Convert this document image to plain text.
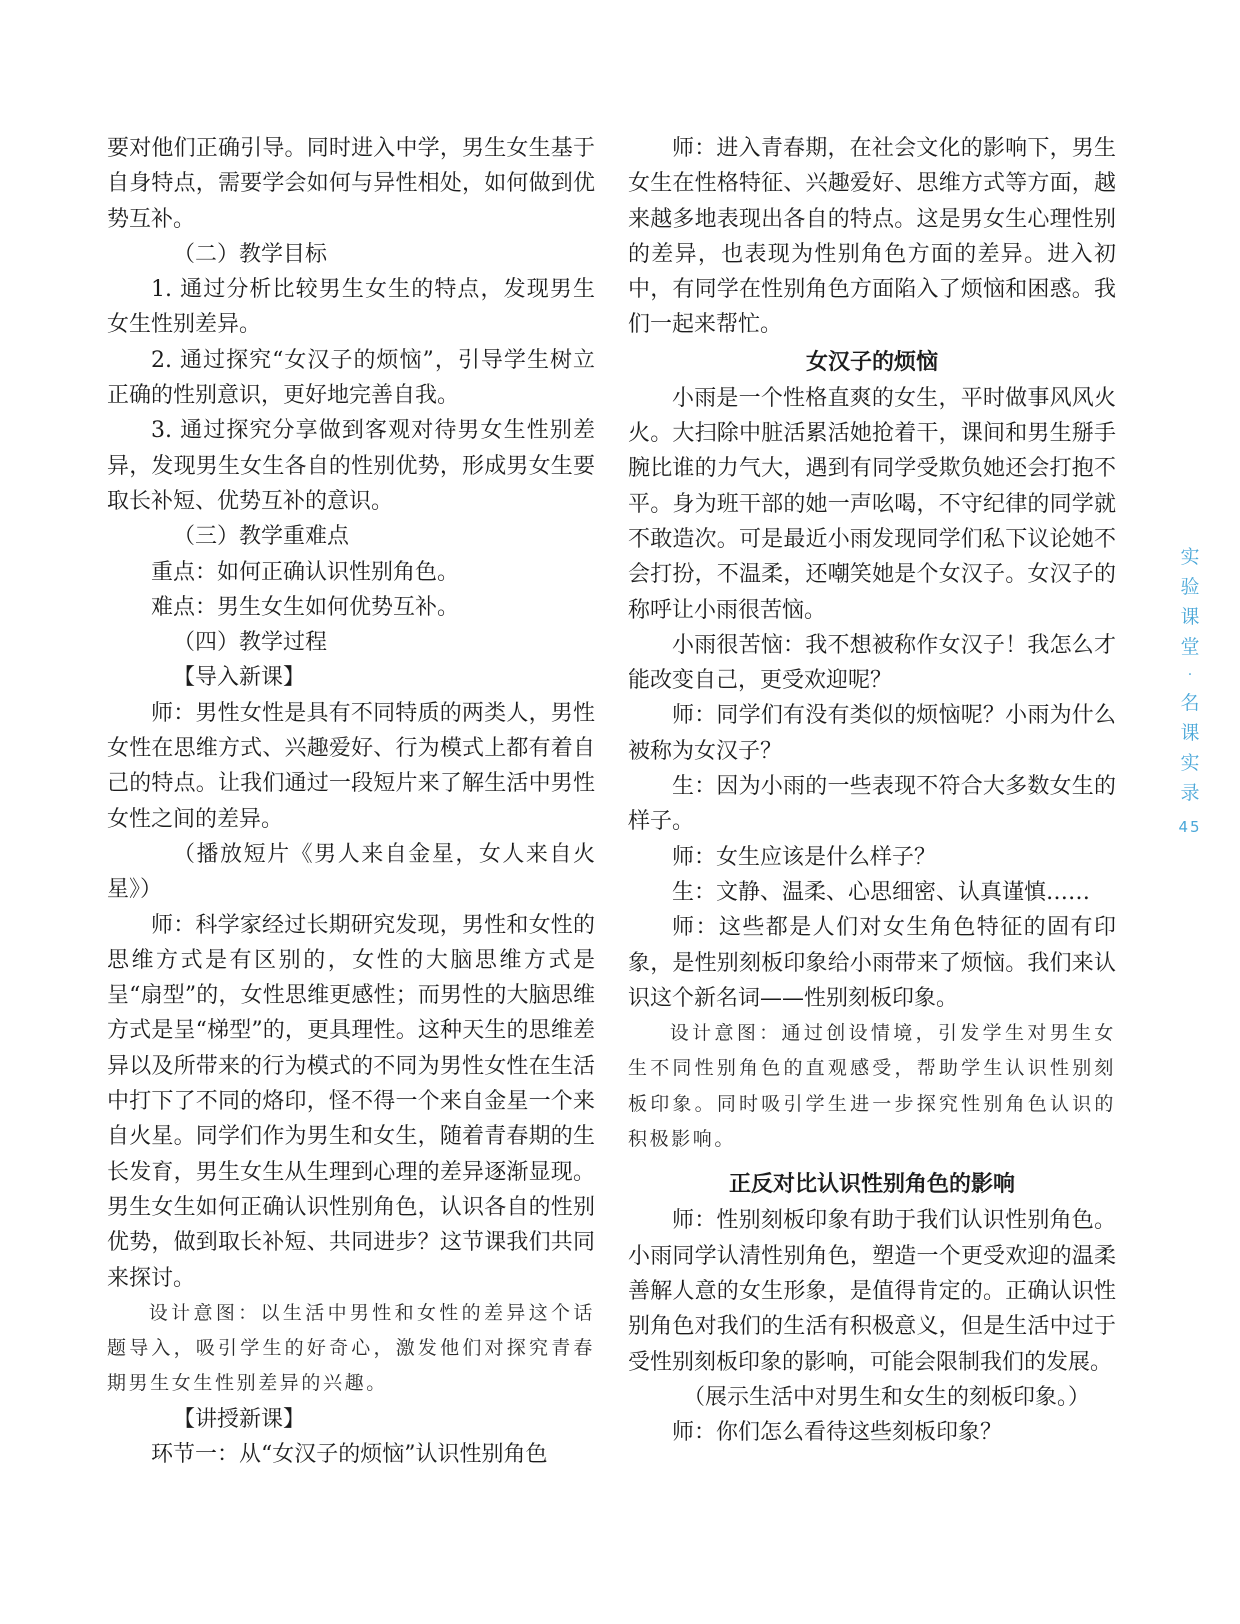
要对他们正确引导。同时进入中学，男生女生基于自身特点，需要学会如何与异性相处，如何做到优势互补。

（二）教学目标

1. 通过分析比较男生女生的特点，发现男生女生性别差异。

2. 通过探究“女汉子的烦恼”，引导学生树立正确的性别意识，更好地完善自我。

3. 通过探究分享做到客观对待男女生性别差异，发现男生女生各自的性别优势，形成男女生要取长补短、优势互补的意识。

（三）教学重难点

重点：如何正确认识性别角色。

难点：男生女生如何优势互补。

（四）教学过程

【导入新课】

师：男性女性是具有不同特质的两类人，男性女性在思维方式、兴趣爱好、行为模式上都有着自己的特点。让我们通过一段短片来了解生活中男性女性之间的差异。

（播放短片《男人来自金星，女人来自火星》）

师：科学家经过长期研究发现，男性和女性的思维方式是有区别的，女性的大脑思维方式是呈“扇型”的，女性思维更感性；而男性的大脑思维方式是呈“梯型”的，更具理性。这种天生的思维差异以及所带来的行为模式的不同为男性女性在生活中打下了不同的烙印，怪不得一个来自金星一个来自火星。同学们作为男生和女生，随着青春期的生长发育，男生女生从生理到心理的差异逐渐显现。男生女生如何正确认识性别角色，认识各自的性别优势，做到取长补短、共同进步？这节课我们共同来探讨。

设计意图：以生活中男性和女性的差异这个话题导入，吸引学生的好奇心，激发他们对探究青春期男生女生性别差异的兴趣。

【讲授新课】

环节一：从“女汉子的烦恼”认识性别角色

师：进入青春期，在社会文化的影响下，男生女生在性格特征、兴趣爱好、思维方式等方面，越来越多地表现出各自的特点。这是男女生心理性别的差异，也表现为性别角色方面的差异。进入初中，有同学在性别角色方面陷入了烦恼和困惑。我们一起来帮忙。

女汉子的烦恼

小雨是一个性格直爽的女生，平时做事风风火火。大扫除中脏活累活她抢着干，课间和男生掰手腕比谁的力气大，遇到有同学受欺负她还会打抱不平。身为班干部的她一声吆喝，不守纪律的同学就不敢造次。可是最近小雨发现同学们私下议论她不会打扮，不温柔，还嘲笑她是个女汉子。女汉子的称呼让小雨很苦恼。

小雨很苦恼：我不想被称作女汉子！我怎么才能改变自己，更受欢迎呢？

师：同学们有没有类似的烦恼呢？小雨为什么被称为女汉子？

生：因为小雨的一些表现不符合大多数女生的样子。

师：女生应该是什么样子？

生：文静、温柔、心思细密、认真谨慎……

师：这些都是人们对女生角色特征的固有印象，是性别刻板印象给小雨带来了烦恼。我们来认识这个新名词——性别刻板印象。

设计意图：通过创设情境，引发学生对男生女生不同性别角色的直观感受，帮助学生认识性别刻板印象。同时吸引学生进一步探究性别角色认识的积极影响。

正反对比认识性别角色的影响

师：性别刻板印象有助于我们认识性别角色。小雨同学认清性别角色，塑造一个更受欢迎的温柔善解人意的女生形象，是值得肯定的。正确认识性别角色对我们的生活有积极意义，但是生活中过于受性别刻板印象的影响，可能会限制我们的发展。

（展示生活中对男生和女生的刻板印象。）

师：你们怎么看待这些刻板印象？

实
验
课
堂
·
名
课
实
录
45
